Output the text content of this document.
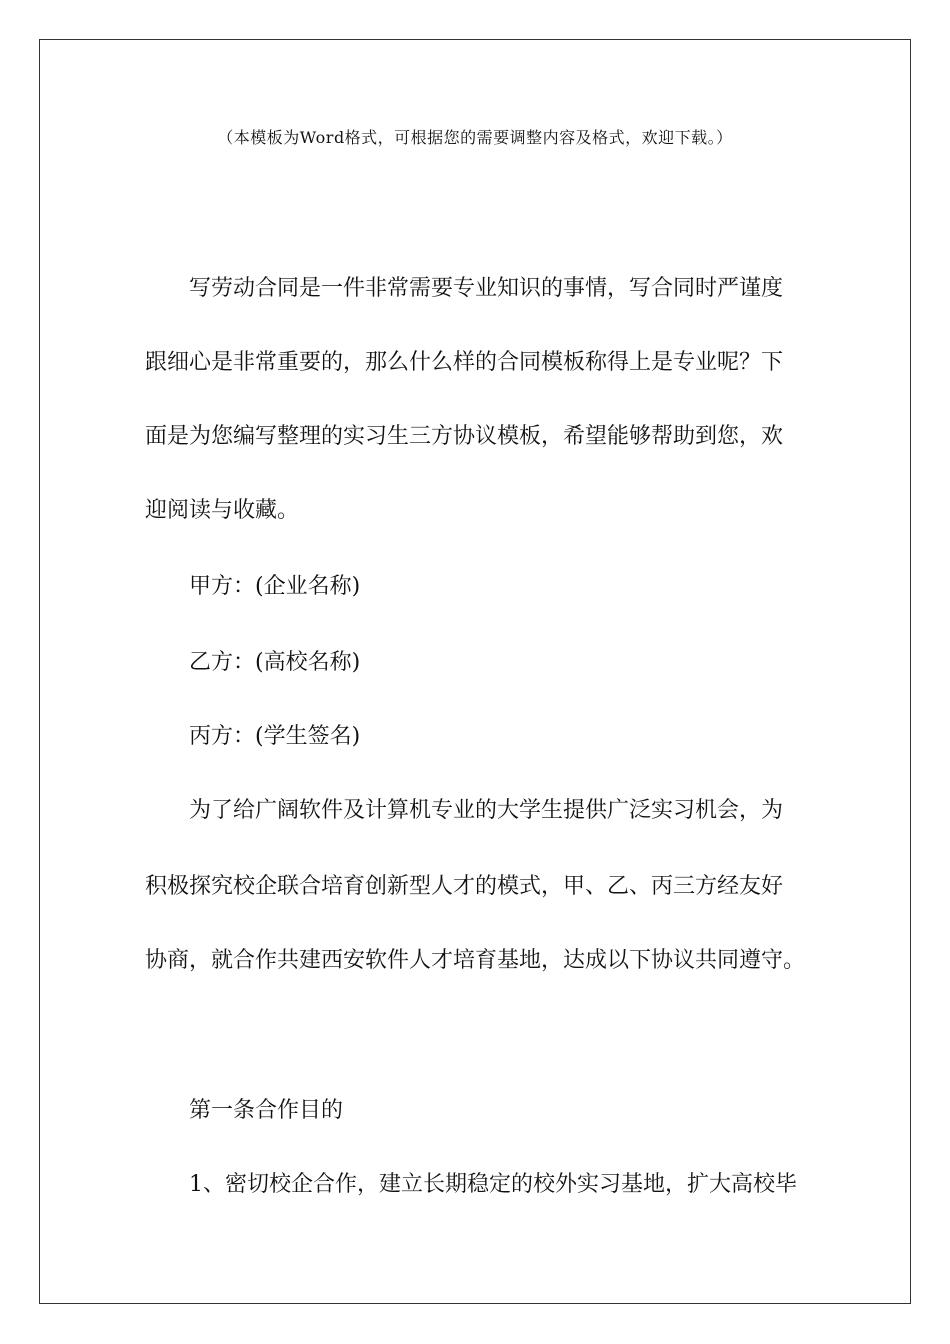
（本模板为Word格式，可根据您的需要调整内容及格式，欢迎下载。）

写劳动合同是一件非常需要专业知识的事情，写合同时严谨度

跟细心是非常重要的，那么什么样的合同模板称得上是专业呢？下

面是为您编写整理的实习生三方协议模板，希望能够帮助到您，欢

迎阅读与收藏。

甲方：(企业名称)

乙方：(高校名称)

丙方：(学生签名)

为了给广阔软件及计算机专业的大学生提供广泛实习机会，为

积极探究校企联合培育创新型人才的模式，甲、乙、丙三方经友好

协商，就合作共建西安软件人才培育基地，达成以下协议共同遵守。

第一条合作目的

1、密切校企合作，建立长期稳定的校外实习基地，扩大高校毕
